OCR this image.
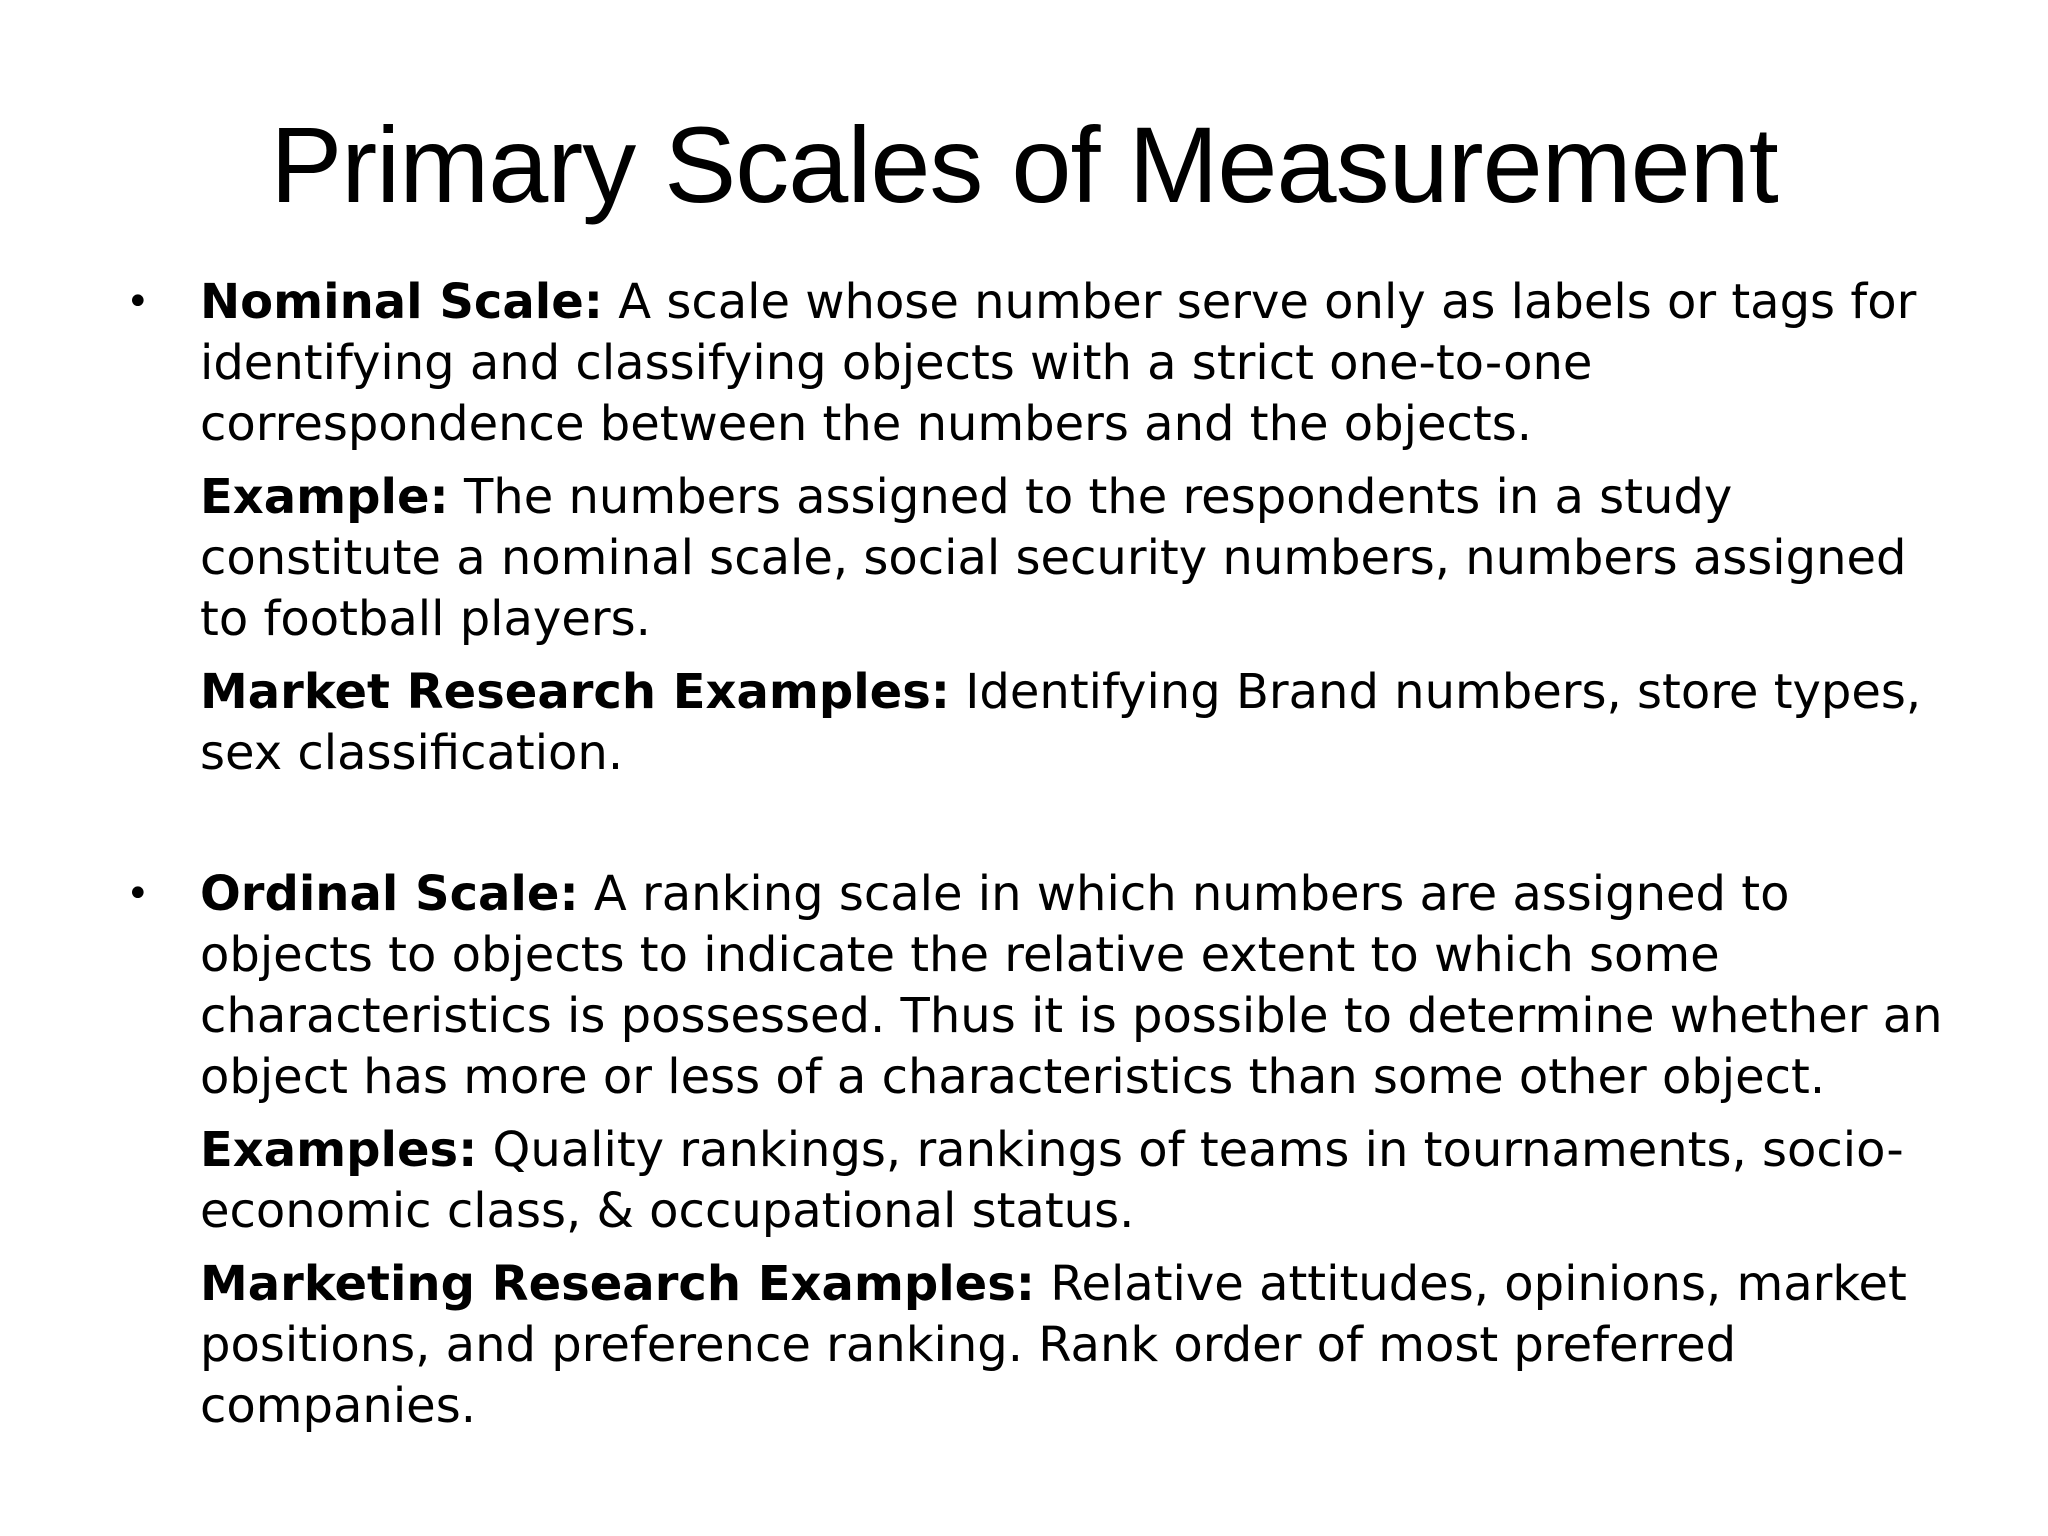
Primary Scales of Measurement
• Nominal Scale: A scale whose number serve only as labels or tags for identifying and classifying objects with a strict one-to-one correspondence between the numbers and the objects.

Example: The numbers assigned to the respondents in a study constitute a nominal scale, social security numbers, numbers assigned to football players.

Market Research Examples: Identifying Brand numbers, store types, sex classification.

• Ordinal Scale: A ranking scale in which numbers are assigned to objects to objects to indicate the relative extent to which some characteristics is possessed. Thus it is possible to determine whether an object has more or less of a characteristics than some other object.

Examples: Quality rankings, rankings of teams in tournaments, socio-economic class, & occupational status.

Marketing Research Examples: Relative attitudes, opinions, market positions, and preference ranking. Rank order of most preferred companies.
